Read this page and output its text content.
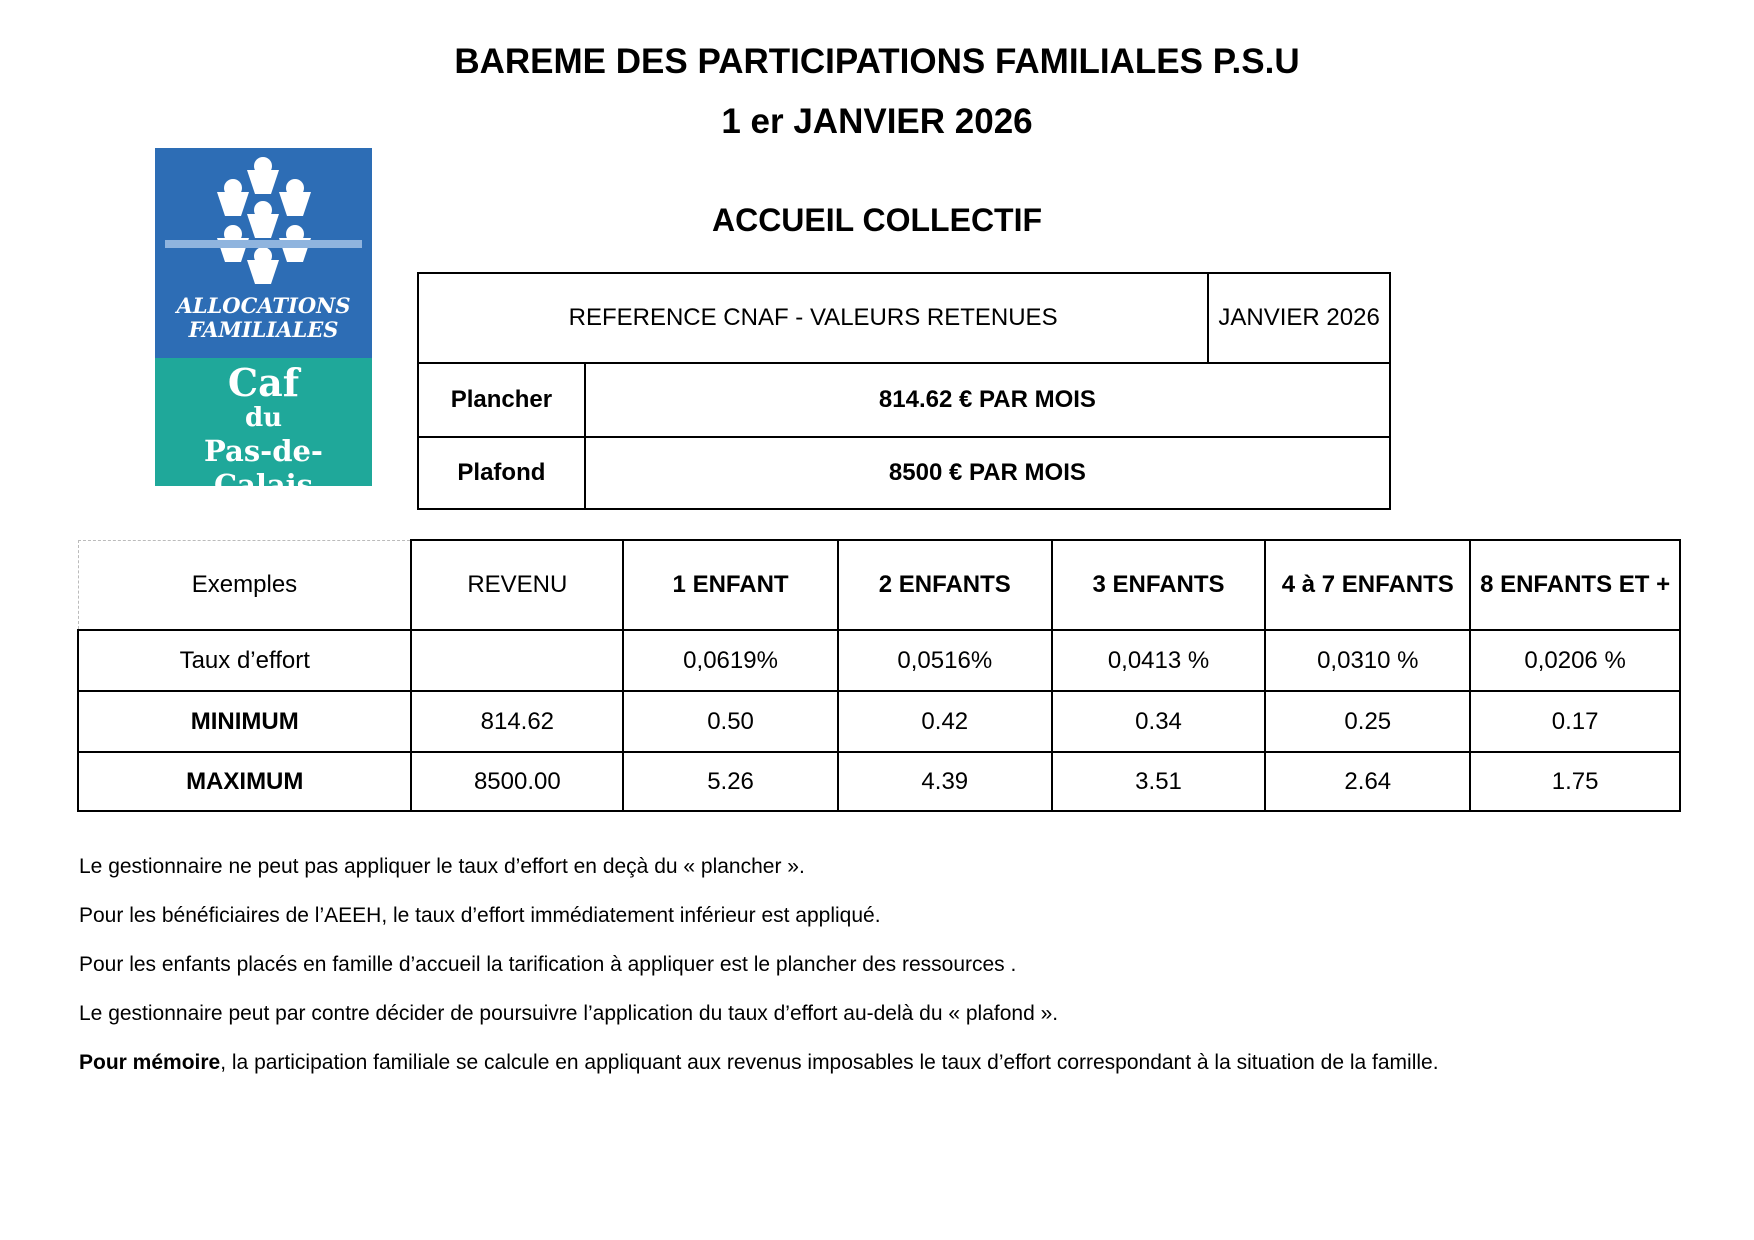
BAREME DES PARTICIPATIONS FAMILIALES P.S.U
1 er JANVIER 2026
ACCUEIL COLLECTIF
ALLOCATIONS
FAMILIALES
Caf
du
Pas-de-Calais
REFERENCE CNAF - VALEURS RETENUES		JANVIER 2026
Plancher	814.62 € PAR MOIS	
Plafond	8500 € PAR MOIS	
Exemples	REVENU	1 ENFANT	2 ENFANTS	3 ENFANTS	4 à 7 ENFANTS	8 ENFANTS ET +
Taux d’effort		0,0619%	0,0516%	0,0413 %	0,0310 %	0,0206 %
MINIMUM	814.62	0.50	0.42	0.34	0.25	0.17
MAXIMUM	8500.00	5.26	4.39	3.51	2.64	1.75

Le gestionnaire ne peut pas appliquer le taux d’effort en deçà du « plancher ».

Pour les bénéficiaires de l’AEEH, le taux d’effort immédiatement inférieur est appliqué.

Pour les enfants placés en famille d’accueil la tarification à appliquer est le plancher des ressources .

Le gestionnaire peut par contre décider de poursuivre l’application du taux d’effort au-delà du « plafond ».

Pour mémoire, la participation familiale se calcule en appliquant aux revenus imposables le taux d’effort correspondant à la situation de la famille.
